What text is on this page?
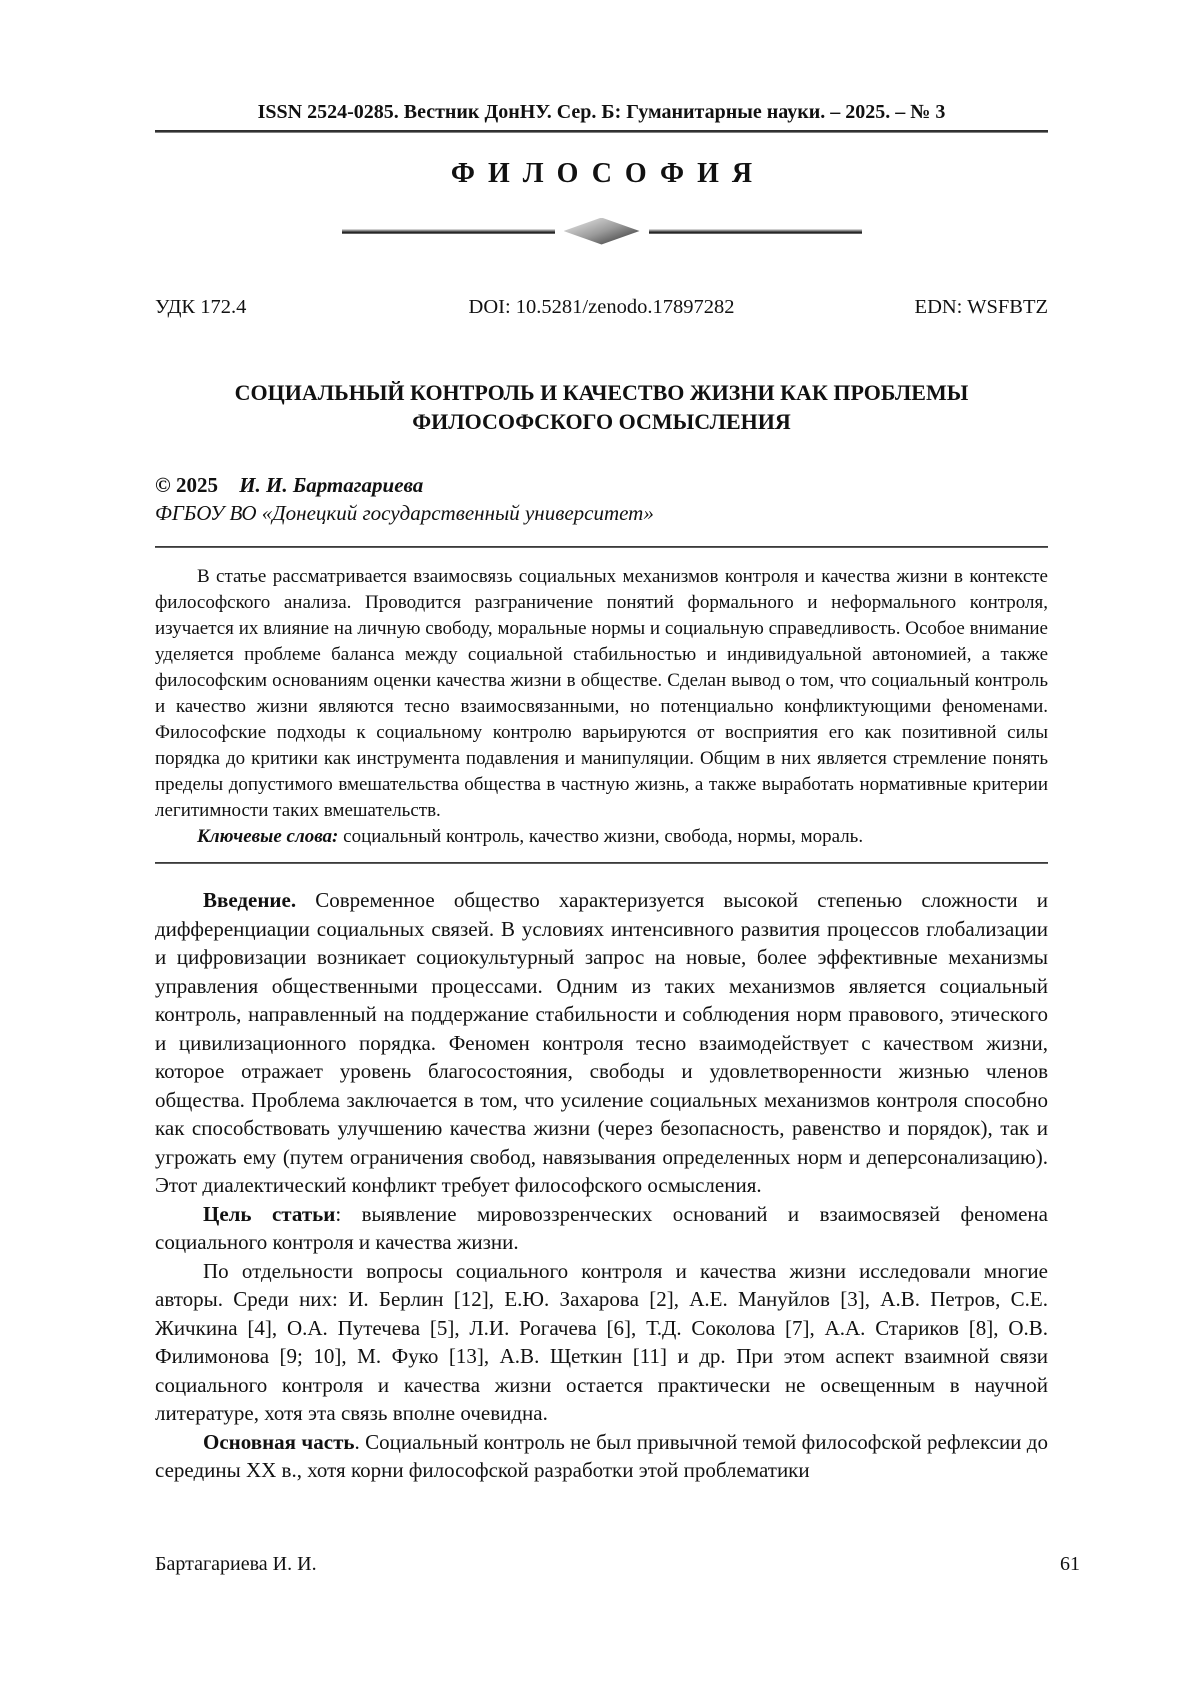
ISSN 2524-0285. Вестник ДонНУ. Сер. Б: Гуманитарные науки. – 2025. – № 3
ФИЛОСОФИЯ
УДК 172.4	DOI: 10.5281/zenodo.17897282	EDN: WSFBTZ
СОЦИАЛЬНЫЙ КОНТРОЛЬ И КАЧЕСТВО ЖИЗНИ КАК ПРОБЛЕМЫ ФИЛОСОФСКОГО ОСМЫСЛЕНИЯ
© 2025 И. И. Бартагариева
ФГБОУ ВО «Донецкий государственный университет»

В статье рассматривается взаимосвязь социальных механизмов контроля и качества жизни в контексте философского анализа. Проводится разграничение понятий формального и неформального контроля, изучается их влияние на личную свободу, моральные нормы и социальную справедливость. Особое внимание уделяется проблеме баланса между социальной стабильностью и индивидуальной автономией, а также философским основаниям оценки качества жизни в обществе. Сделан вывод о том, что социальный контроль и качество жизни являются тесно взаимосвязанными, но потенциально конфликтующими феноменами. Философские подходы к социальному контролю варьируются от восприятия его как позитивной силы порядка до критики как инструмента подавления и манипуляции. Общим в них является стремление понять пределы допустимого вмешательства общества в частную жизнь, а также выработать нормативные критерии легитимности таких вмешательств.

Ключевые слова: социальный контроль, качество жизни, свобода, нормы, мораль.

Введение. Современное общество характеризуется высокой степенью сложности и дифференциации социальных связей. В условиях интенсивного развития процессов глобализации и цифровизации возникает социокультурный запрос на новые, более эффективные механизмы управления общественными процессами. Одним из таких механизмов является социальный контроль, направленный на поддержание стабильности и соблюдения норм правового, этического и цивилизационного порядка. Феномен контроля тесно взаимодействует с качеством жизни, которое отражает уровень благосостояния, свободы и удовлетворенности жизнью членов общества. Проблема заключается в том, что усиление социальных механизмов контроля способно как способствовать улучшению качества жизни (через безопасность, равенство и порядок), так и угрожать ему (путем ограничения свобод, навязывания определенных норм и деперсонализацию). Этот диалектический конфликт требует философского осмысления.

Цель статьи: выявление мировоззренческих оснований и взаимосвязей феномена социального контроля и качества жизни.

По отдельности вопросы социального контроля и качества жизни исследовали многие авторы. Среди них: И. Берлин [12], Е.Ю. Захарова [2], А.Е. Мануйлов [3], А.В. Петров, С.Е. Жичкина [4], О.А. Путечева [5], Л.И. Рогачева [6], Т.Д. Соколова [7], А.А. Стариков [8], О.В. Филимонова [9; 10], М. Фуко [13], А.В. Щеткин [11] и др. При этом аспект взаимной связи социального контроля и качества жизни остается практически не освещенным в научной литературе, хотя эта связь вполне очевидна.

Основная часть. Социальный контроль не был привычной темой философской рефлексии до середины ХХ в., хотя корни философской разработки этой проблематики

Бартагариева И. И.	61
